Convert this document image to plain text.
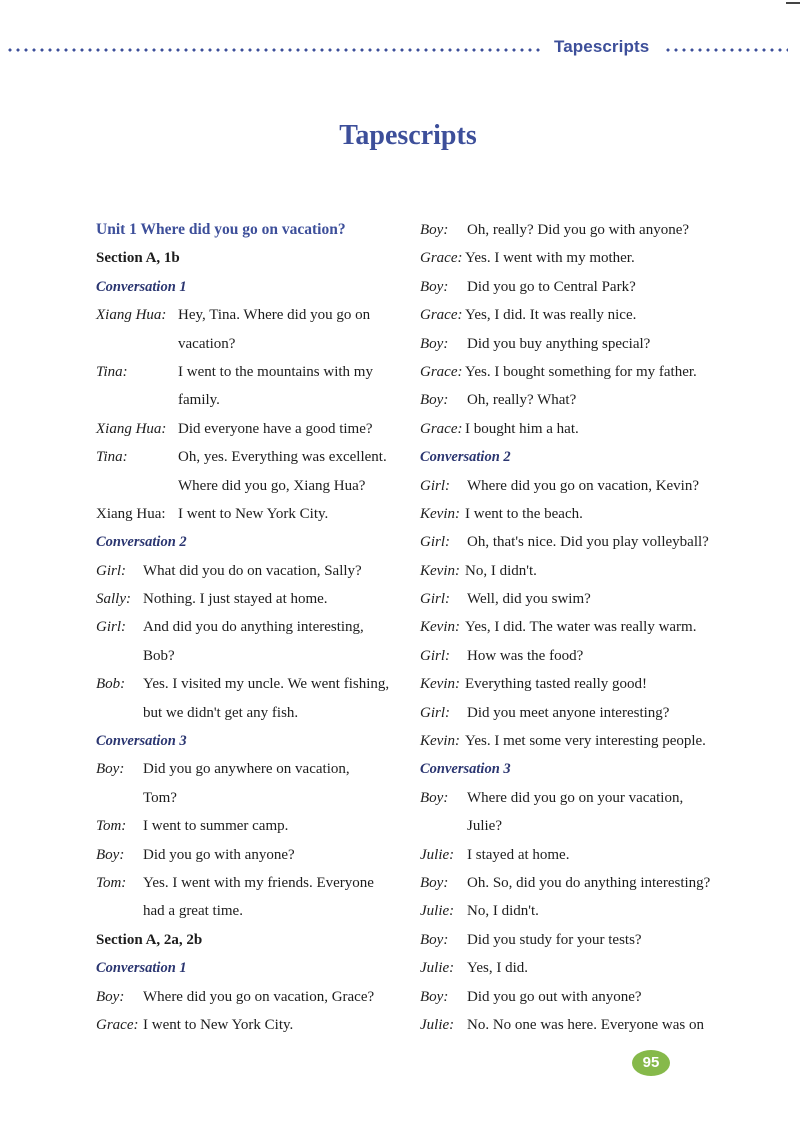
Tapescripts
Tapescripts
Unit 1 Where did you go on vacation?
Section A, 1b
Conversation 1
Xiang Hua: Hey, Tina. Where did you go on
vacation?
Tina:	I went to the mountains with my
family.
Xiang Hua: Did everyone have a good time?
Tina:	Oh, yes. Everything was excellent.
Where did you go, Xiang Hua?
Xiang Hua: I went to New York City.
Conversation 2
Girl: What did you do on vacation, Sally?
Sally: Nothing. I just stayed at home.
Girl: And did you do anything interesting,
Bob?
Bob: Yes. I visited my uncle. We went fishing,
but we didn't get any fish.
Conversation 3
Boy: Did you go anywhere on vacation,
Tom?
Tom: I went to summer camp.
Boy: Did you go with anyone?
Tom: Yes. I went with my friends. Everyone
had a great time.
Section A, 2a, 2b
Conversation 1
Boy: Where did you go on vacation, Grace?
Grace: I went to New York City.
Boy: Oh, really? Did you go with anyone?
Grace: Yes. I went with my mother.
Boy: Did you go to Central Park?
Grace: Yes, I did. It was really nice.
Boy: Did you buy anything special?
Grace: Yes. I bought something for my father.
Boy: Oh, really? What?
Grace: I bought him a hat.
Conversation 2
Girl: Where did you go on vacation, Kevin?
Kevin: I went to the beach.
Girl: Oh, that's nice. Did you play volleyball?
Kevin: No, I didn't.
Girl: Well, did you swim?
Kevin: Yes, I did. The water was really warm.
Girl: How was the food?
Kevin: Everything tasted really good!
Girl: Did you meet anyone interesting?
Kevin: Yes. I met some very interesting people.
Conversation 3
Boy: Where did you go on your vacation,
Julie?
Julie: I stayed at home.
Boy: Oh. So, did you do anything interesting?
Julie: No, I didn't.
Boy: Did you study for your tests?
Julie: Yes, I did.
Boy: Did you go out with anyone?
Julie: No. No one was here. Everyone was on
95
